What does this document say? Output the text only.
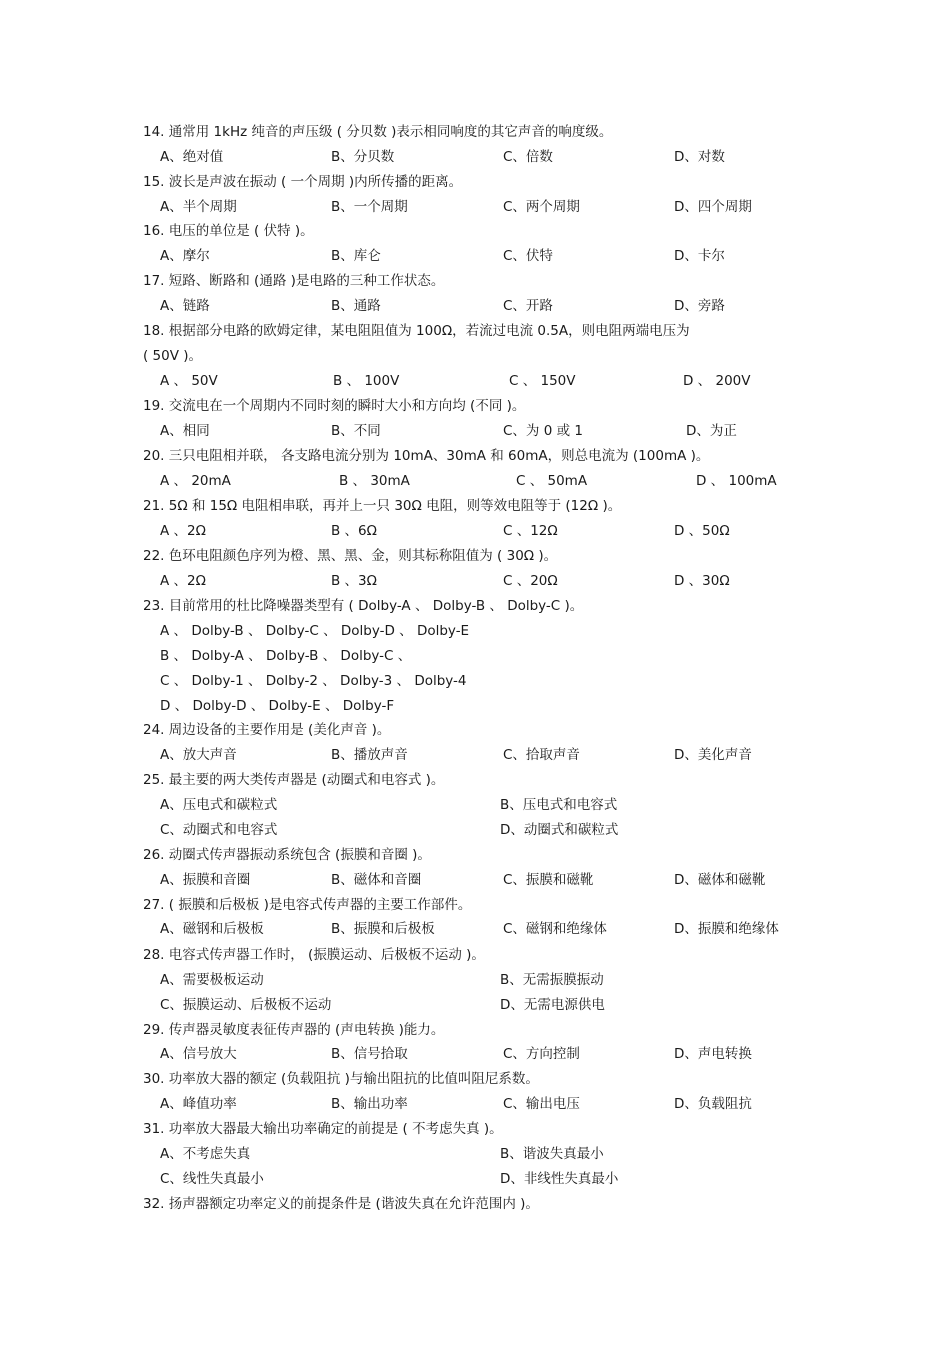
14. 通常用 1kHz 纯音的声压级 ( 分贝数 )表示相同响度的其它声音的响度级。
A、绝对值	B、分贝数	C、倍数	D、对数
15. 波长是声波在振动 ( 一个周期 )内所传播的距离。
A、半个周期	B、一个周期	C、两个周期	D、四个周期
16. 电压的单位是 ( 伏特 )。
A、摩尔	B、库仑	C、伏特	D、卡尔
17. 短路、断路和 (通路 )是电路的三种工作状态。
A、链路	B、通路	C、开路	D、旁路
18. 根据部分电路的欧姆定律，某电阻阻值为 100Ω，若流过电流 0.5A，则电阻两端电压为
( 50V )。
A 、 50V	B 、 100V	C 、 150V	D 、 200V
19. 交流电在一个周期内不同时刻的瞬时大小和方向均 (不同 )。
A、相同	B、不同	C、为 0 或 1	D、为正
20. 三只电阻相并联， 各支路电流分别为 10mA、30mA 和 60mA，则总电流为 (100mA )。
A 、 20mA	B 、 30mA	C 、 50mA	D 、 100mA
21. 5Ω 和 15Ω 电阻相串联，再并上一只 30Ω 电阻，则等效电阻等于 (12Ω )。
A 、2Ω	B 、6Ω	C 、12Ω	D 、50Ω
22. 色环电阻颜色序列为橙、黑、黑、金，则其标称阻值为 ( 30Ω )。
A 、2Ω	B 、3Ω	C 、20Ω	D 、30Ω
23. 目前常用的杜比降噪器类型有 ( Dolby-A 、 Dolby-B 、 Dolby-C )。
A 、 Dolby-B 、 Dolby-C 、 Dolby-D 、 Dolby-E
B 、 Dolby-A 、 Dolby-B 、 Dolby-C 、
C 、 Dolby-1 、 Dolby-2 、 Dolby-3 、 Dolby-4
D 、 Dolby-D 、 Dolby-E 、 Dolby-F
24. 周边设备的主要作用是 (美化声音 )。
A、放大声音	B、播放声音	C、拾取声音	D、美化声音
25. 最主要的两大类传声器是 (动圈式和电容式 )。
A、压电式和碳粒式	B、压电式和电容式
C、动圈式和电容式	D、动圈式和碳粒式
26. 动圈式传声器振动系统包含 (振膜和音圈 )。
A、振膜和音圈	B、磁体和音圈	C、振膜和磁靴	D、磁体和磁靴
27. ( 振膜和后极板 )是电容式传声器的主要工作部件。
A、磁钢和后极板	B、振膜和后极板	C、磁钢和绝缘体	D、振膜和绝缘体
28. 电容式传声器工作时， (振膜运动、后极板不运动 )。
A、需要极板运动	B、无需振膜振动
C、振膜运动、后极板不运动	D、无需电源供电
29. 传声器灵敏度表征传声器的 (声电转换 )能力。
A、信号放大	B、信号拾取	C、方向控制	D、声电转换
30. 功率放大器的额定 (负载阻抗 )与输出阻抗的比值叫阻尼系数。
A、峰值功率	B、输出功率	C、输出电压	D、负载阻抗
31. 功率放大器最大输出功率确定的前提是 ( 不考虑失真 )。
A、不考虑失真	B、谐波失真最小
C、线性失真最小	D、非线性失真最小
32. 扬声器额定功率定义的前提条件是 (谐波失真在允许范围内 )。
